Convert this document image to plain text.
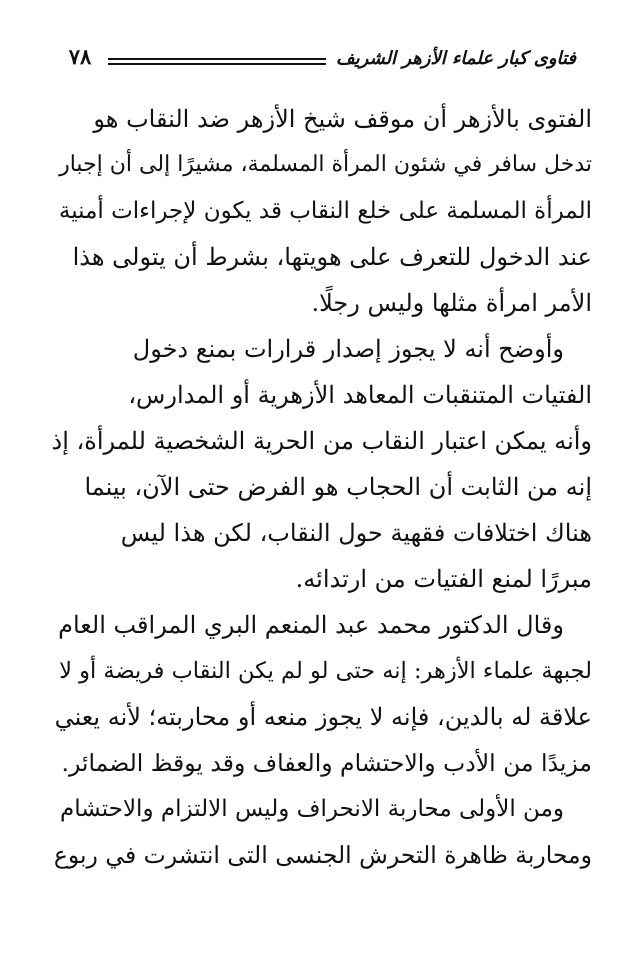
٧٨	فتاوى كبار علماء الأزهر الشريف
الفتوى بالأزهر أن موقف شيخ الأزهر ضد النقاب هو
تدخل سافر في شئون المرأة المسلمة، مشيرًا إلى أن إجبار
المرأة المسلمة على خلع النقاب قد يكون لإجراءات أمنية
عند الدخول للتعرف على هويتها، بشرط أن يتولى هذا
الأمر امرأة مثلها وليس رجلًا.
وأوضح أنه لا يجوز إصدار قرارات بمنع دخول
الفتيات المتنقبات المعاهد الأزهرية أو المدارس،
وأنه يمكن اعتبار النقاب من الحرية الشخصية للمرأة، إذ
إنه من الثابت أن الحجاب هو الفرض حتى الآن، بينما
هناك اختلافات فقهية حول النقاب، لكن هذا ليس
مبررًا لمنع الفتيات من ارتدائه.
وقال الدكتور محمد عبد المنعم البري المراقب العام
لجبهة علماء الأزهر: إنه حتى لو لم يكن النقاب فريضة أو لا
علاقة له بالدين، فإنه لا يجوز منعه أو محاربته؛ لأنه يعني
مزيدًا من الأدب والاحتشام والعفاف وقد يوقظ الضمائر.
ومن الأولى محاربة الانحراف وليس الالتزام والاحتشام
ومحاربة ظاهرة التحرش الجنسى التى انتشرت في ربوع
